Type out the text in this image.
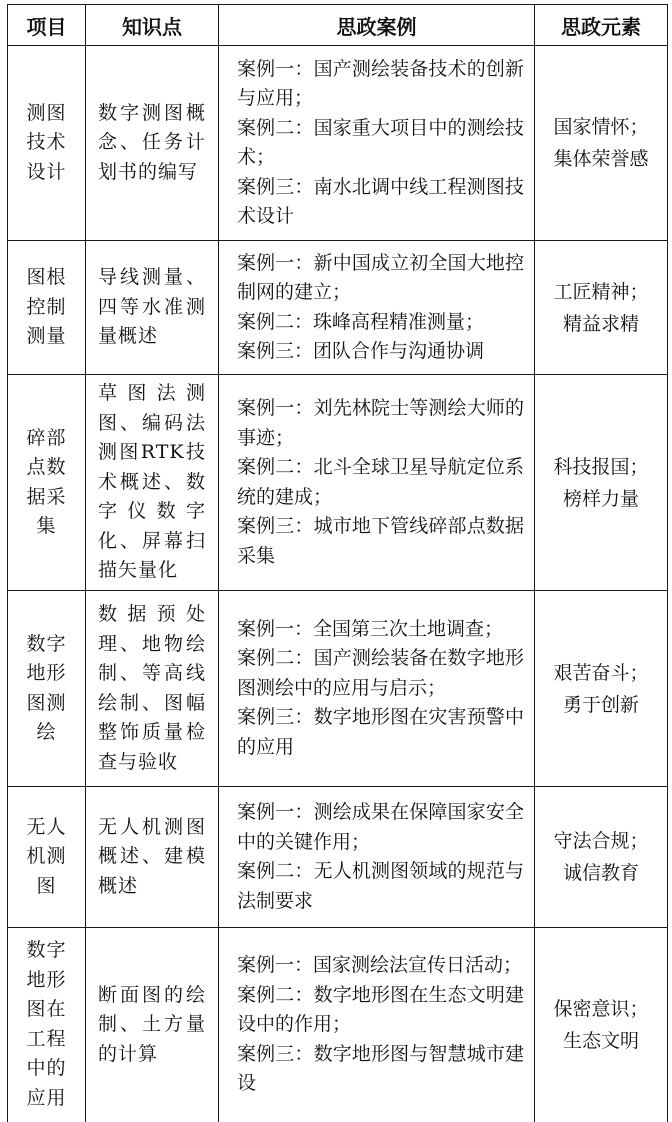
项目	知识点	思政案例	思政元素

测图技术设计	数字测图概念、任务计划书的编写	案例一：国产测绘装备技术的创新与应用；
案例二：国家重大项目中的测绘技术；
案例三：南水北调中线工程测图技术设计	国家情怀；
集体荣誉感

图根控制测量	导线测量、四等水准测量概述	案例一：新中国成立初全国大地控制网的建立；
案例二：珠峰高程精准测量；
案例三：团队合作与沟通协调	工匠精神；
精益求精

碎部点数据采集	草图法测图、编码法测图RTK技术概述、数字仪数字化、屏幕扫描矢量化	案例一：刘先林院士等测绘大师的事迹；
案例二：北斗全球卫星导航定位系统的建成；
案例三：城市地下管线碎部点数据采集	科技报国；
榜样力量

数字地形图测绘	数据预处理、地物绘制、等高线绘制、图幅整饰质量检查与验收	案例一：全国第三次土地调查；
案例二：国产测绘装备在数字地形图测绘中的应用与启示；
案例三：数字地形图在灾害预警中的应用	艰苦奋斗；
勇于创新

无人机测图	无人机测图概述、建模概述	案例一：测绘成果在保障国家安全中的关键作用；
案例二：无人机测图领域的规范与法制要求	守法合规；
诚信教育

数字地形图在工程中的应用	断面图的绘制、土方量的计算	案例一：国家测绘法宣传日活动；
案例二：数字地形图在生态文明建设中的作用；
案例三：数字地形图与智慧城市建设	保密意识；
生态文明
